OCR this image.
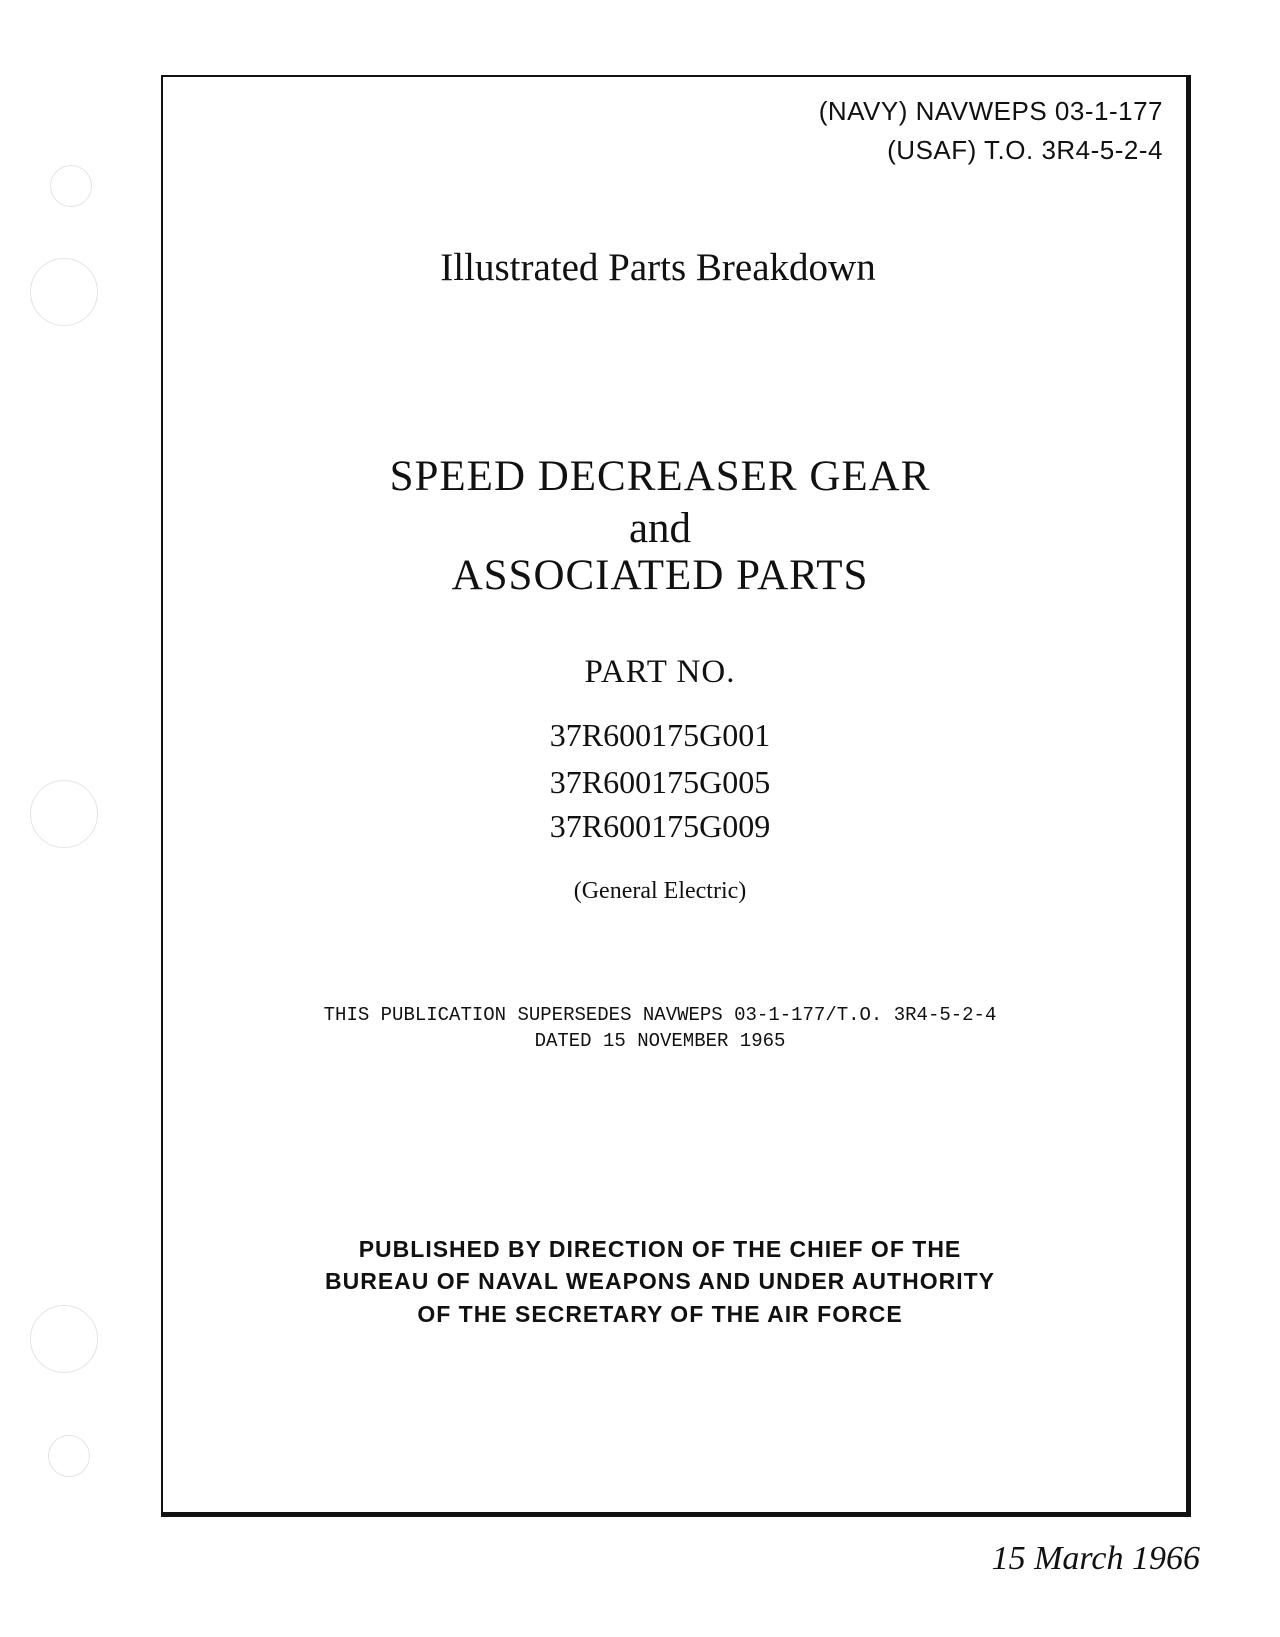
(NAVY) NAVWEPS 03-1-177
(USAF) T.O. 3R4-5-2-4
Illustrated Parts Breakdown
SPEED DECREASER GEAR
and
ASSOCIATED PARTS
PART NO.
37R600175G001
37R600175G005
37R600175G009
(General Electric)
THIS PUBLICATION SUPERSEDES NAVWEPS 03-1-177/T.O. 3R4-5-2-4
DATED 15 NOVEMBER 1965
PUBLISHED BY DIRECTION OF THE CHIEF OF THE
BUREAU OF NAVAL WEAPONS AND UNDER AUTHORITY
OF THE SECRETARY OF THE AIR FORCE
15 March 1966
